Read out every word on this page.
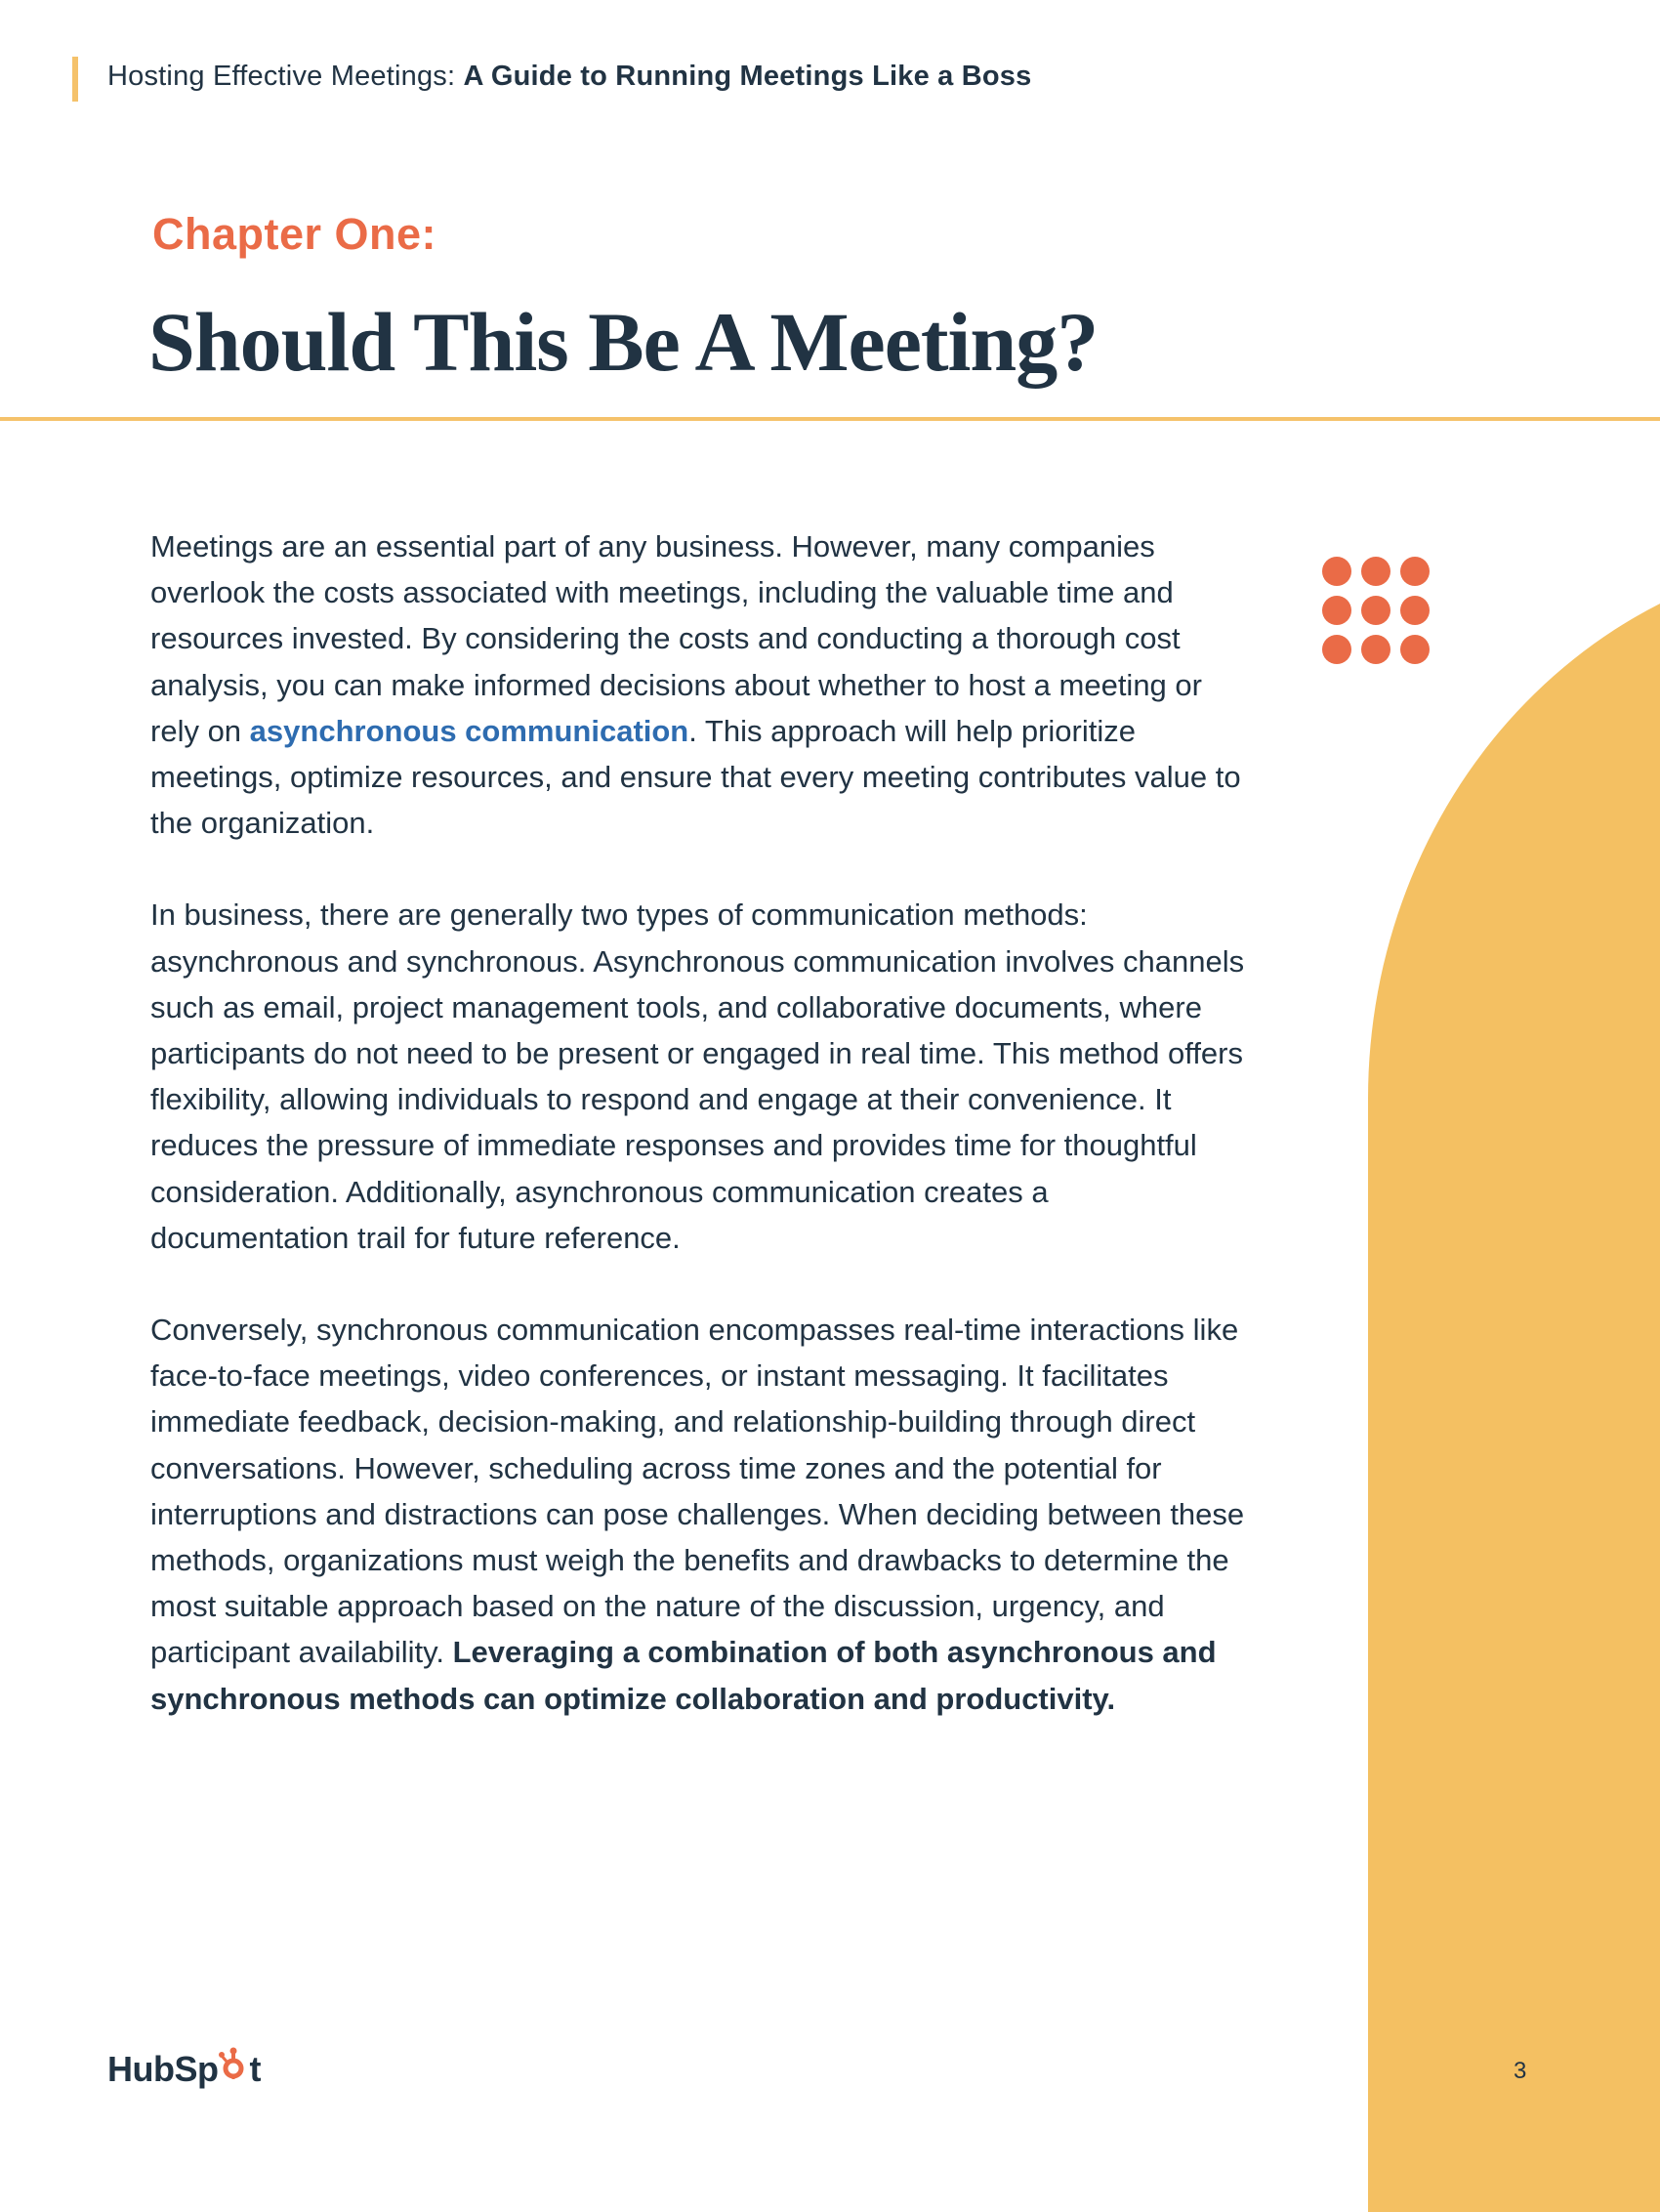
Hosting Effective Meetings: A Guide to Running Meetings Like a Boss
Chapter One:
Should This Be A Meeting?

Meetings are an essential part of any business. However, many companies overlook the costs associated with meetings, including the valuable time and resources invested. By considering the costs and conducting a thorough cost analysis, you can make informed decisions about whether to host a meeting or rely on asynchronous communication. This approach will help prioritize meetings, optimize resources, and ensure that every meeting contributes value to the organization.

In business, there are generally two types of communication methods: asynchronous and synchronous. Asynchronous communication involves channels such as email, project management tools, and collaborative documents, where participants do not need to be present or engaged in real time. This method offers flexibility, allowing individuals to respond and engage at their convenience. It reduces the pressure of immediate responses and provides time for thoughtful consideration. Additionally, asynchronous communication creates a documentation trail for future reference.

Conversely, synchronous communication encompasses real-time interactions like face-to-face meetings, video conferences, or instant messaging. It facilitates immediate feedback, decision-making, and relationship-building through direct conversations. However, scheduling across time zones and the potential for interruptions and distractions can pose challenges. When deciding between these methods, organizations must weigh the benefits and drawbacks to determine the most suitable approach based on the nature of the discussion, urgency, and participant availability. Leveraging a combination of both asynchronous and synchronous methods can optimize collaboration and productivity.

HubSp t	3
